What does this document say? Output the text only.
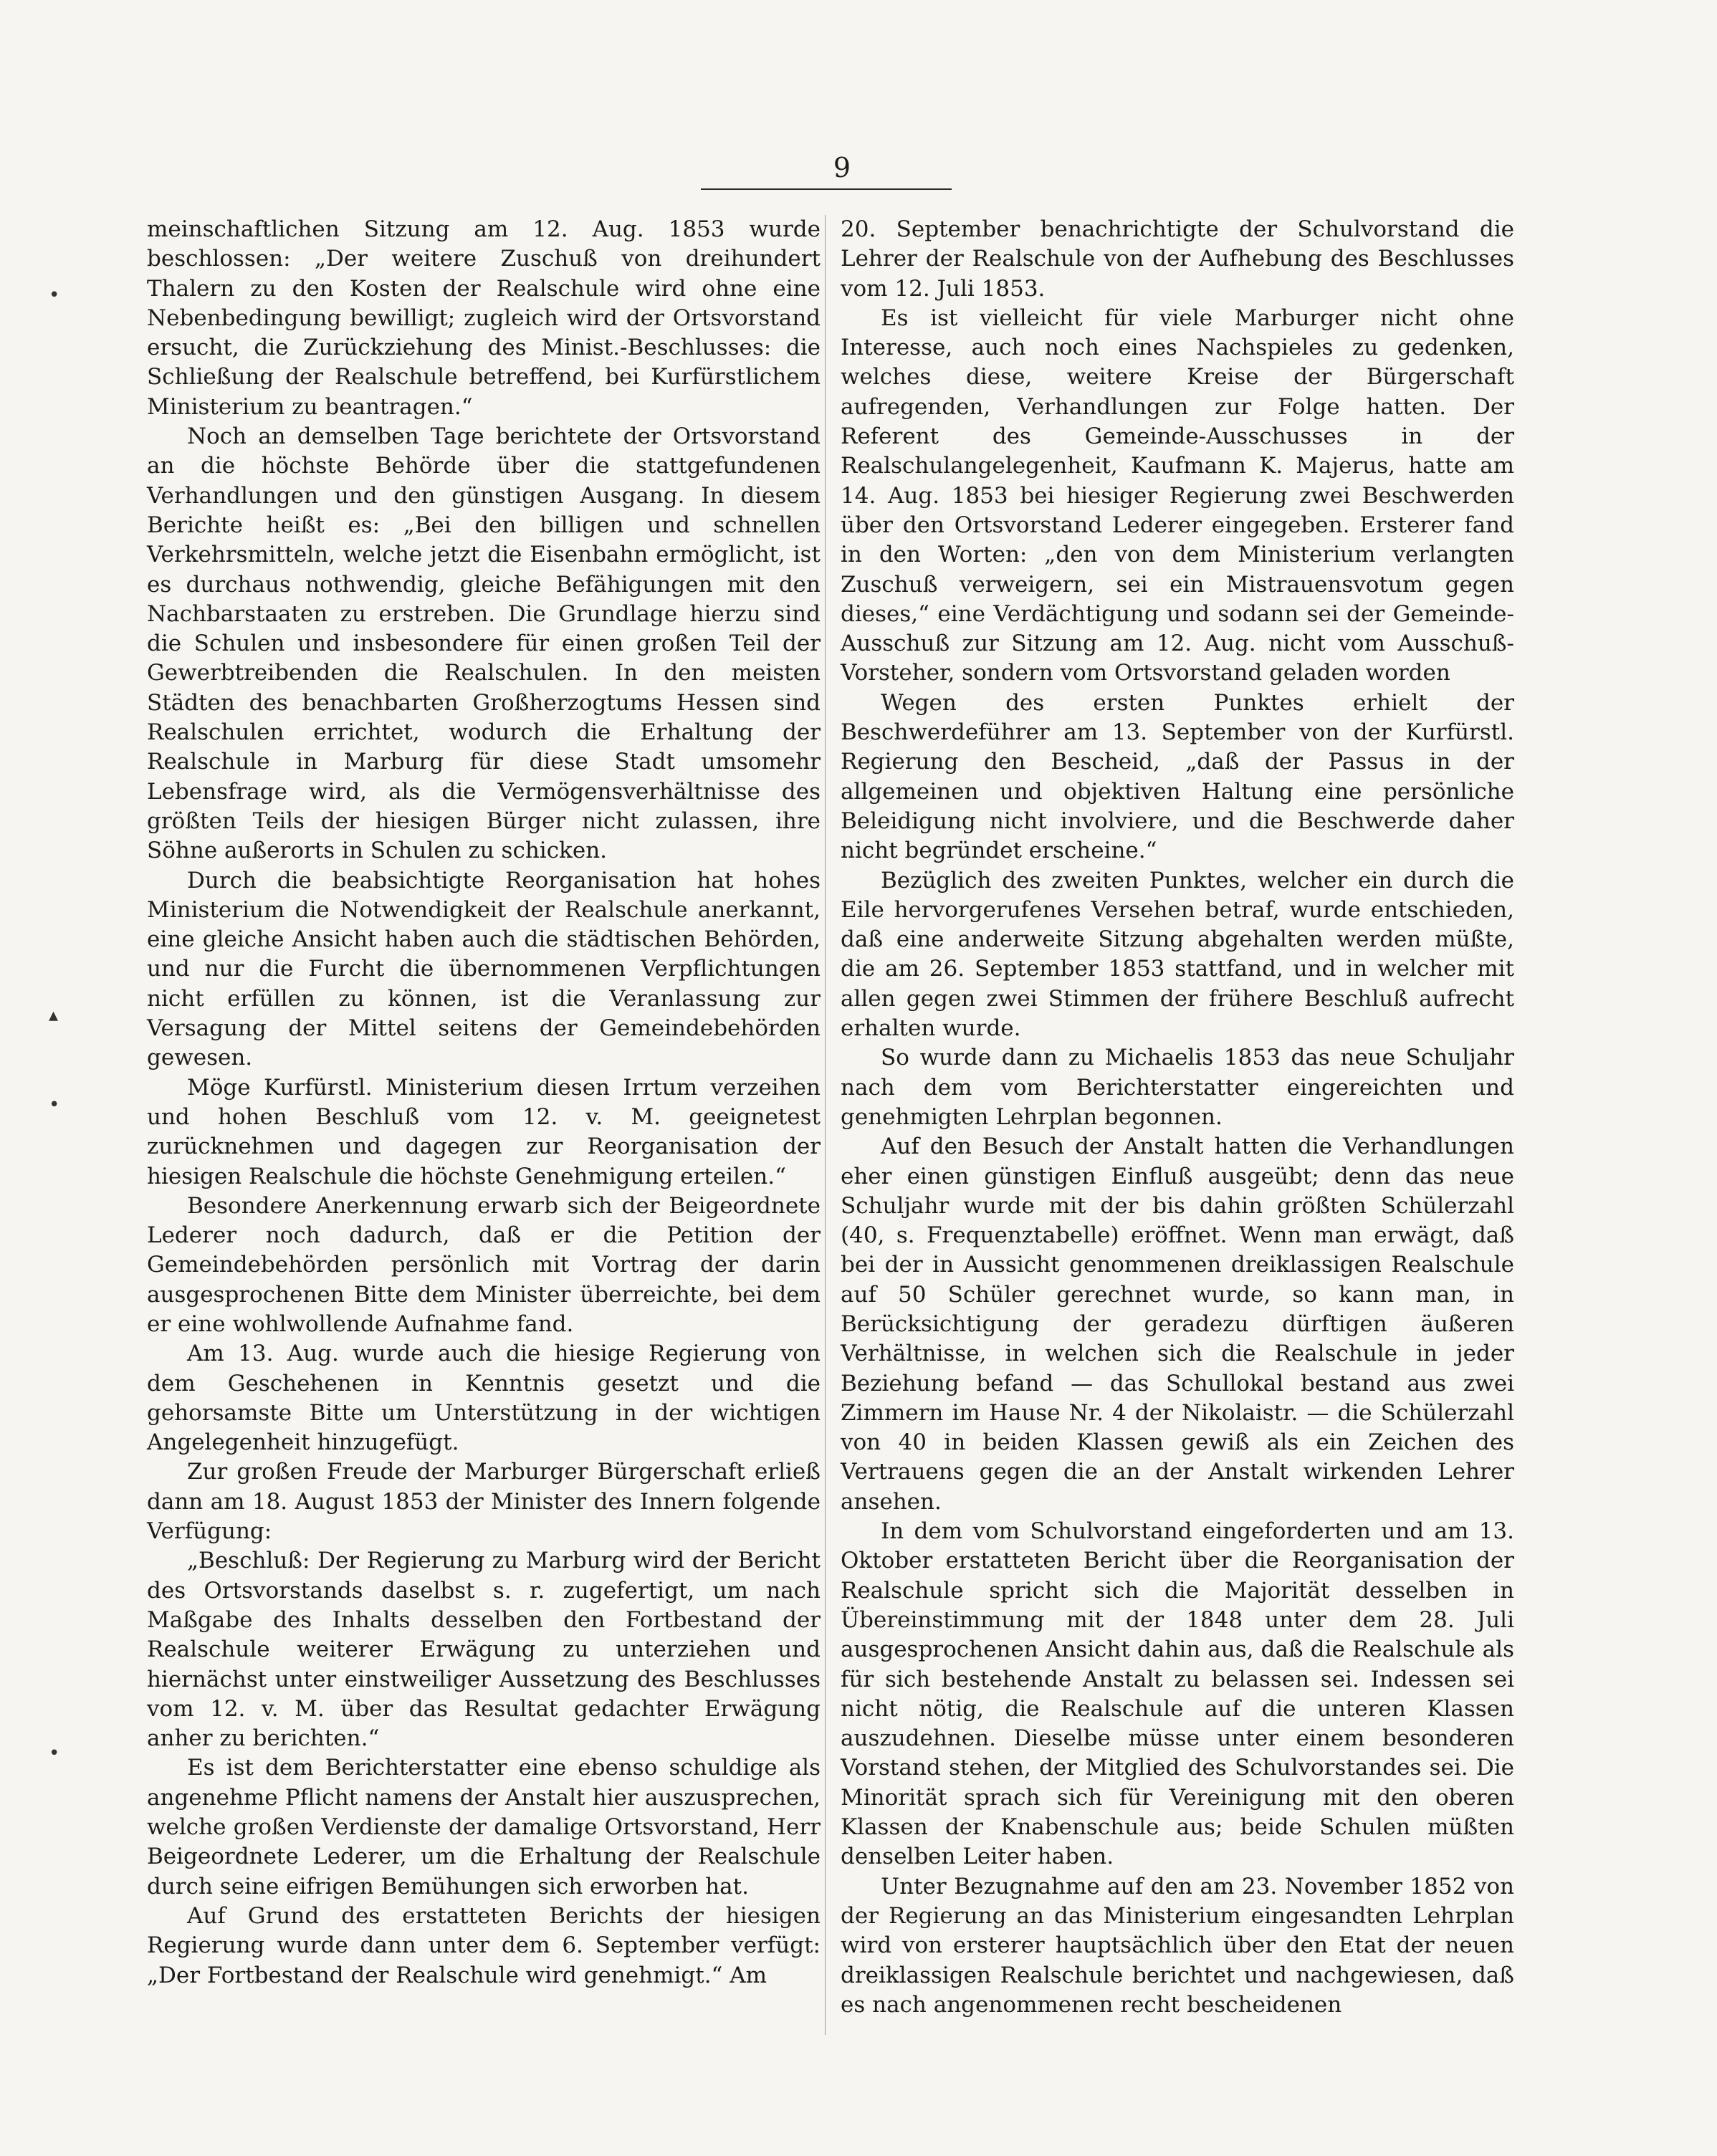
9
•
▴
•
•

meinschaftlichen Sitzung am 12. Aug. 1853 wurde beschlossen: „Der weitere Zuschuß von dreihundert Thalern zu den Kosten der Realschule wird ohne eine Nebenbedingung bewilligt; zugleich wird der Ortsvorstand ersucht, die Zurückziehung des Minist.-Beschlusses: die Schließung der Realschule betreffend, bei Kurfürstlichem Ministerium zu beantragen.“

Noch an demselben Tage berichtete der Ortsvorstand an die höchste Behörde über die stattgefundenen Verhandlungen und den günstigen Ausgang. In diesem Berichte heißt es: „Bei den billigen und schnellen Verkehrsmitteln, welche jetzt die Eisenbahn ermöglicht, ist es durchaus nothwendig, gleiche Befähigungen mit den Nachbarstaaten zu erstreben. Die Grundlage hierzu sind die Schulen und insbesondere für einen großen Teil der Gewerbtreibenden die Realschulen. In den meisten Städten des benachbarten Großherzogtums Hessen sind Realschulen errichtet, wodurch die Erhaltung der Realschule in Marburg für diese Stadt umsomehr Lebensfrage wird, als die Vermögensverhältnisse des größten Teils der hiesigen Bürger nicht zulassen, ihre Söhne außerorts in Schulen zu schicken.

Durch die beabsichtigte Reorganisation hat hohes Ministerium die Notwendigkeit der Realschule anerkannt, eine gleiche Ansicht haben auch die städtischen Behörden, und nur die Furcht die übernommenen Verpflichtungen nicht erfüllen zu können, ist die Veranlassung zur Versagung der Mittel seitens der Gemeindebehörden gewesen.

Möge Kurfürstl. Ministerium diesen Irrtum verzeihen und hohen Beschluß vom 12. v. M. geeignetest zurücknehmen und dagegen zur Reorganisation der hiesigen Realschule die höchste Genehmigung erteilen.“

Besondere Anerkennung erwarb sich der Beigeordnete Lederer noch dadurch, daß er die Petition der Gemeindebehörden persönlich mit Vortrag der darin ausgesprochenen Bitte dem Minister überreichte, bei dem er eine wohlwollende Aufnahme fand.

Am 13. Aug. wurde auch die hiesige Regierung von dem Geschehenen in Kenntnis gesetzt und die gehorsamste Bitte um Unterstützung in der wichtigen Angelegenheit hinzugefügt.

Zur großen Freude der Marburger Bürgerschaft erließ dann am 18. August 1853 der Minister des Innern folgende Verfügung:

„Beschluß: Der Regierung zu Marburg wird der Bericht des Ortsvorstands daselbst s. r. zugefertigt, um nach Maßgabe des Inhalts desselben den Fortbestand der Realschule weiterer Erwägung zu unterziehen und hiernächst unter einstweiliger Aussetzung des Beschlusses vom 12. v. M. über das Resultat gedachter Erwägung anher zu berichten.“

Es ist dem Berichterstatter eine ebenso schuldige als angenehme Pflicht namens der Anstalt hier auszusprechen, welche großen Verdienste der damalige Ortsvorstand, Herr Beigeordnete Lederer, um die Erhaltung der Realschule durch seine eifrigen Bemühungen sich erworben hat.

Auf Grund des erstatteten Berichts der hiesigen Regierung wurde dann unter dem 6. September verfügt: „Der Fortbestand der Realschule wird genehmigt.“ Am

20. September benachrichtigte der Schulvorstand die Lehrer der Realschule von der Aufhebung des Beschlusses vom 12. Juli 1853.

Es ist vielleicht für viele Marburger nicht ohne Interesse, auch noch eines Nachspieles zu gedenken, welches diese, weitere Kreise der Bürgerschaft aufregenden, Verhandlungen zur Folge hatten. Der Referent des Gemeinde-Ausschusses in der Realschulangelegenheit, Kaufmann K. Majerus, hatte am 14. Aug. 1853 bei hiesiger Regierung zwei Beschwerden über den Ortsvorstand Lederer eingegeben. Ersterer fand in den Worten: „den von dem Ministerium verlangten Zuschuß verweigern, sei ein Mistrauensvotum gegen dieses,“ eine Verdächtigung und sodann sei der Gemeinde-Ausschuß zur Sitzung am 12. Aug. nicht vom Ausschuß-Vorsteher, sondern vom Ortsvorstand geladen worden

Wegen des ersten Punktes erhielt der Beschwerdeführer am 13. September von der Kurfürstl. Regierung den Bescheid, „daß der Passus in der allgemeinen und objektiven Haltung eine persönliche Beleidigung nicht involviere, und die Beschwerde daher nicht begründet erscheine.“

Bezüglich des zweiten Punktes, welcher ein durch die Eile hervorgerufenes Versehen betraf, wurde entschieden, daß eine anderweite Sitzung abgehalten werden müßte, die am 26. September 1853 stattfand, und in welcher mit allen gegen zwei Stimmen der frühere Beschluß aufrecht erhalten wurde.

So wurde dann zu Michaelis 1853 das neue Schuljahr nach dem vom Berichterstatter eingereichten und genehmigten Lehrplan begonnen.

Auf den Besuch der Anstalt hatten die Verhandlungen eher einen günstigen Einfluß ausgeübt; denn das neue Schuljahr wurde mit der bis dahin größten Schülerzahl (40, s. Frequenztabelle) eröffnet. Wenn man erwägt, daß bei der in Aussicht genommenen dreiklassigen Realschule auf 50 Schüler gerechnet wurde, so kann man, in Berücksichtigung der geradezu dürftigen äußeren Verhältnisse, in welchen sich die Realschule in jeder Beziehung befand — das Schullokal bestand aus zwei Zimmern im Hause Nr. 4 der Nikolaistr. — die Schülerzahl von 40 in beiden Klassen gewiß als ein Zeichen des Vertrauens gegen die an der Anstalt wirkenden Lehrer ansehen.

In dem vom Schulvorstand eingeforderten und am 13. Oktober erstatteten Bericht über die Reorganisation der Realschule spricht sich die Majorität desselben in Übereinstimmung mit der 1848 unter dem 28. Juli ausgesprochenen Ansicht dahin aus, daß die Realschule als für sich bestehende Anstalt zu belassen sei. Indessen sei nicht nötig, die Realschule auf die unteren Klassen auszudehnen. Dieselbe müsse unter einem besonderen Vorstand stehen, der Mitglied des Schulvorstandes sei. Die Minorität sprach sich für Vereinigung mit den oberen Klassen der Knabenschule aus; beide Schulen müßten denselben Leiter haben.

Unter Bezugnahme auf den am 23. November 1852 von der Regierung an das Ministerium eingesandten Lehrplan wird von ersterer hauptsächlich über den Etat der neuen dreiklassigen Realschule berichtet und nachgewiesen, daß es nach angenommenen recht bescheidenen
